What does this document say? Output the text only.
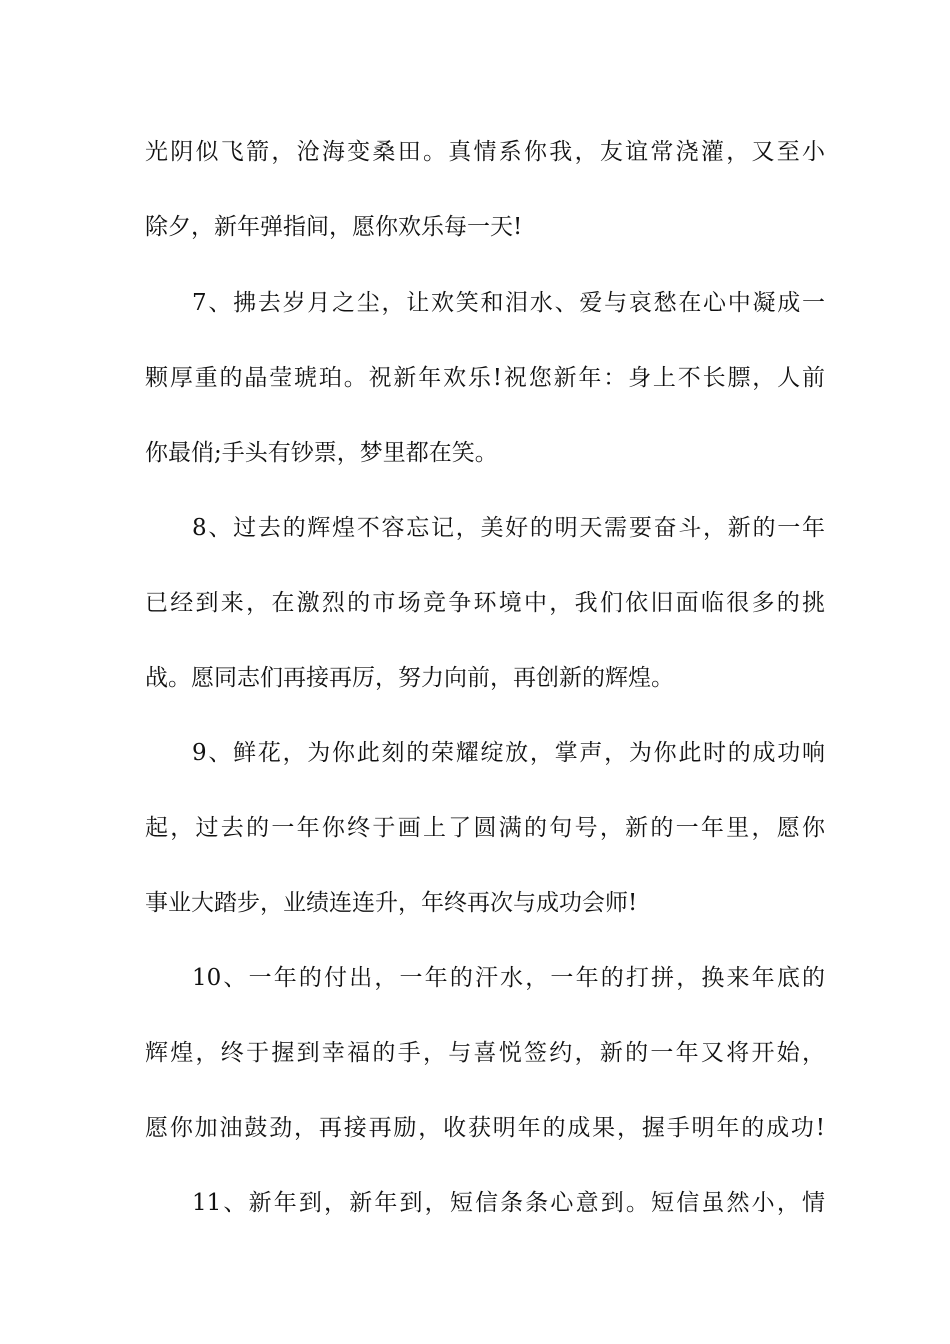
光阴似飞箭，沧海变桑田。真情系你我，友谊常浇灌，又至小
除夕，新年弹指间，愿你欢乐每一天!
7、拂去岁月之尘，让欢笑和泪水、爱与哀愁在心中凝成一
颗厚重的晶莹琥珀。祝新年欢乐!祝您新年：身上不长膘，人前
你最俏;手头有钞票，梦里都在笑。
8、过去的辉煌不容忘记，美好的明天需要奋斗，新的一年
已经到来，在激烈的市场竞争环境中，我们依旧面临很多的挑
战。愿同志们再接再厉，努力向前，再创新的辉煌。
9、鲜花，为你此刻的荣耀绽放，掌声，为你此时的成功响
起，过去的一年你终于画上了圆满的句号，新的一年里，愿你
事业大踏步，业绩连连升，年终再次与成功会师!
10、一年的付出，一年的汗水，一年的打拼，换来年底的
辉煌，终于握到幸福的手，与喜悦签约，新的一年又将开始，
愿你加油鼓劲，再接再励，收获明年的成果，握手明年的成功!
11、新年到，新年到，短信条条心意到。短信虽然小，情
